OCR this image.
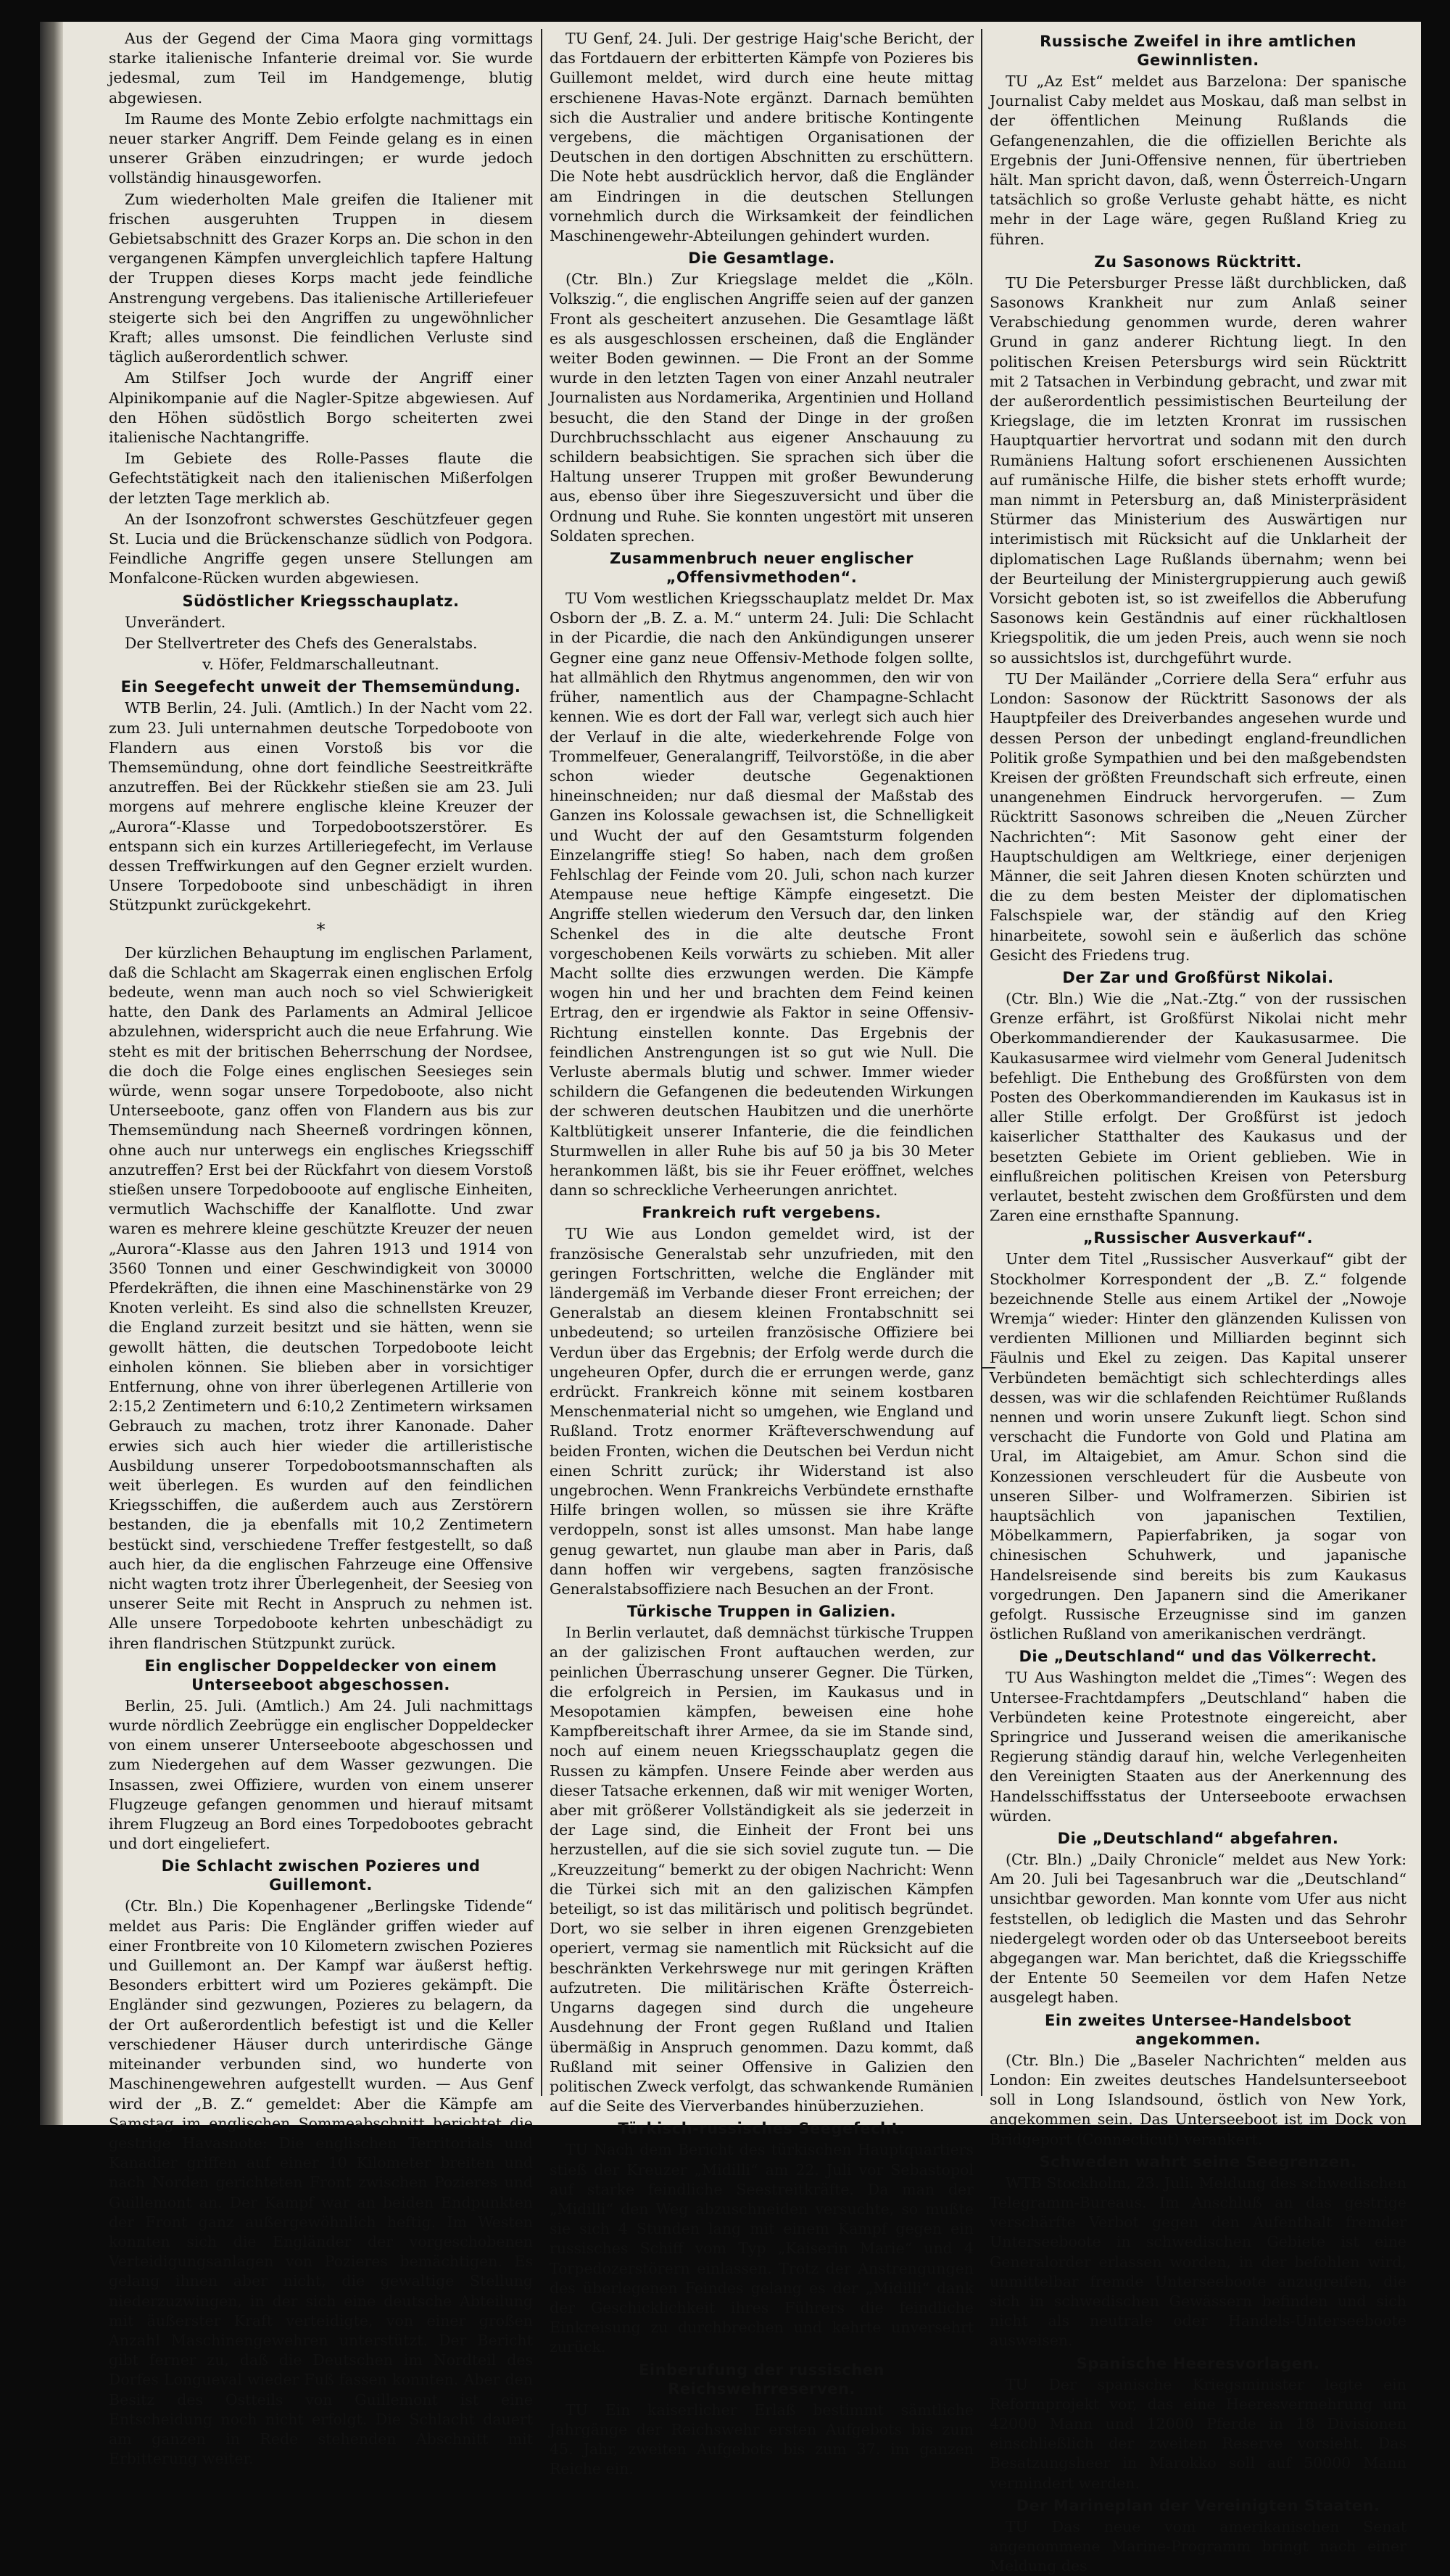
Aus der Gegend der Cima Maora ging vormittags starke italienische Infanterie dreimal vor. Sie wurde jedesmal, zum Teil im Handgemenge, blutig abgewiesen.

Im Raume des Monte Zebio erfolgte nachmittags ein neuer starker Angriff. Dem Feinde gelang es in einen unserer Gräben einzudringen; er wurde jedoch vollständig hinausgeworfen.

Zum wiederholten Male greifen die Italiener mit frischen ausgeruhten Truppen in diesem Gebietsabschnitt des Grazer Korps an. Die schon in den vergangenen Kämpfen unvergleichlich tapfere Haltung der Truppen dieses Korps macht jede feindliche Anstrengung vergebens. Das italienische Artilleriefeuer steigerte sich bei den Angriffen zu ungewöhnlicher Kraft; alles umsonst. Die feindlichen Verluste sind täglich außerordentlich schwer.

Am Stilfser Joch wurde der Angriff einer Alpinikompanie auf die Nagler-Spitze abgewiesen. Auf den Höhen südöstlich Borgo scheiterten zwei italienische Nachtangriffe.

Im Gebiete des Rolle-Passes flaute die Gefechtstätigkeit nach den italienischen Mißerfolgen der letzten Tage merklich ab.

An der Isonzofront schwerstes Geschützfeuer gegen St. Lucia und die Brückenschanze südlich von Podgora. Feindliche Angriffe gegen unsere Stellungen am Monfalcone-Rücken wurden abgewiesen.

Südöstlicher Kriegsschauplatz.

Unverändert.

Der Stellvertreter des Chefs des Generalstabs.

v. Höfer, Feldmarschalleutnant.

Ein Seegefecht unweit der Themsemündung.

WTB Berlin, 24. Juli. (Amtlich.) In der Nacht vom 22. zum 23. Juli unternahmen deutsche Torpedoboote von Flandern aus einen Vorstoß bis vor die Themsemündung, ohne dort feindliche Seestreitkräfte anzutreffen. Bei der Rückkehr stießen sie am 23. Juli morgens auf mehrere englische kleine Kreuzer der „Aurora“-Klasse und Torpedobootszerstörer. Es entspann sich ein kurzes Artilleriegefecht, im Verlause dessen Treffwirkungen auf den Gegner erzielt wurden. Unsere Torpedoboote sind unbeschädigt in ihren Stützpunkt zurückgekehrt.

*

Der kürzlichen Behauptung im englischen Parlament, daß die Schlacht am Skagerrak einen englischen Erfolg bedeute, wenn man auch noch so viel Schwierigkeit hatte, den Dank des Parlaments an Admiral Jellicoe abzulehnen, widerspricht auch die neue Erfahrung. Wie steht es mit der britischen Beherrschung der Nordsee, die doch die Folge eines englischen Seesieges sein würde, wenn sogar unsere Torpedoboote, also nicht Unterseeboote, ganz offen von Flandern aus bis zur Themsemündung nach Sheerneß vordringen können, ohne auch nur unterwegs ein englisches Kriegsschiff anzutreffen? Erst bei der Rückfahrt von diesem Vorstoß stießen unsere Torpedobooote auf englische Einheiten, vermutlich Wachschiffe der Kanalflotte. Und zwar waren es mehrere kleine geschützte Kreuzer der neuen „Aurora“-Klasse aus den Jahren 1913 und 1914 von 3560 Tonnen und einer Geschwindigkeit von 30000 Pferdekräften, die ihnen eine Maschinenstärke von 29 Knoten verleiht. Es sind also die schnellsten Kreuzer, die England zurzeit besitzt und sie hätten, wenn sie gewollt hätten, die deutschen Torpedoboote leicht einholen können. Sie blieben aber in vorsichtiger Entfernung, ohne von ihrer überlegenen Artillerie von 2:15,2 Zentimetern und 6:10,2 Zentimetern wirksamen Gebrauch zu machen, trotz ihrer Kanonade. Daher erwies sich auch hier wieder die artilleristische Ausbildung unserer Torpedobootsmannschaften als weit überlegen. Es wurden auf den feindlichen Kriegsschiffen, die außerdem auch aus Zerstörern bestanden, die ja ebenfalls mit 10,2 Zentimetern bestückt sind, verschiedene Treffer festgestellt, so daß auch hier, da die englischen Fahrzeuge eine Offensive nicht wagten trotz ihrer Überlegenheit, der Seesieg von unserer Seite mit Recht in Anspruch zu nehmen ist. Alle unsere Torpedoboote kehrten unbeschädigt zu ihren flandrischen Stützpunkt zurück.

Ein englischer Doppeldecker von einem Unterseeboot abgeschossen.

Berlin, 25. Juli. (Amtlich.) Am 24. Juli nachmittags wurde nördlich Zeebrügge ein englischer Doppeldecker von einem unserer Unterseeboote abgeschossen und zum Niedergehen auf dem Wasser gezwungen. Die Insassen, zwei Offiziere, wurden von einem unserer Flugzeuge gefangen genommen und hierauf mitsamt ihrem Flugzeug an Bord eines Torpedobootes gebracht und dort eingeliefert.

Die Schlacht zwischen Pozieres und Guillemont.

(Ctr. Bln.) Die Kopenhagener „Berlingske Tidende“ meldet aus Paris: Die Engländer griffen wieder auf einer Frontbreite von 10 Kilometern zwischen Pozieres und Guillemont an. Der Kampf war äußerst heftig. Besonders erbittert wird um Pozieres gekämpft. Die Engländer sind gezwungen, Pozieres zu belagern, da der Ort außerordentlich befestigt ist und die Keller verschiedener Häuser durch unterirdische Gänge miteinander verbunden sind, wo hunderte von Maschinengewehren aufgestellt wurden. — Aus Genf wird der „B. Z.“ gemeldet: Aber die Kämpfe am Samstag im englischen Sommeabschnitt berichtet die gestrige Havasnote: Die englischen Territorials und Kanadier griffen auf einer 10 Kilometer breiten und nach Norden gerichteten Front zwischen Pozieres und Guillemont an. Der Kampf war an beiden Endpunkten der Front ganz außergewöhnlich heftig. Im Westen konnten sich die Engländer der vorgeschobenen Verteidigungsanlagen von Pozieres bemächtigen. Es gelang ihnen aber nicht, die gewaltige Stellung niederzuzwingen, in der sich eine deutsche Abteilung mit äußerster Kraft verteidigte, von einer großen Anzahl Maschinengewehren unterstützt. Der Bericht gibt ferner zu, daß die Deutschen im Nordteil des Dorfes Longueval wieder Fuß fassen konnten. Aber den Besitz des Ostteils von Guillemont ist eine Entscheidung noch nicht erfolgt. Die Schlacht dauert am ganzen in Rede stehenden Abschnitt mit Erbitterung weiter.

TU Genf, 24. Juli. Der gestrige Haig'sche Bericht, der das Fortdauern der erbitterten Kämpfe von Pozieres bis Guillemont meldet, wird durch eine heute mittag erschienene Havas-Note ergänzt. Darnach bemühten sich die Australier und andere britische Kontingente vergebens, die mächtigen Organisationen der Deutschen in den dortigen Abschnitten zu erschüttern. Die Note hebt ausdrücklich hervor, daß die Engländer am Eindringen in die deutschen Stellungen vornehmlich durch die Wirksamkeit der feindlichen Maschinengewehr-Abteilungen gehindert wurden.

Die Gesamtlage.

(Ctr. Bln.) Zur Kriegslage meldet die „Köln. Volkszig.“, die englischen Angriffe seien auf der ganzen Front als gescheitert anzusehen. Die Gesamtlage läßt es als ausgeschlossen erscheinen, daß die Engländer weiter Boden gewinnen. — Die Front an der Somme wurde in den letzten Tagen von einer Anzahl neutraler Journalisten aus Nordamerika, Argentinien und Holland besucht, die den Stand der Dinge in der großen Durchbruchsschlacht aus eigener Anschauung zu schildern beabsichtigen. Sie sprachen sich über die Haltung unserer Truppen mit großer Bewunderung aus, ebenso über ihre Siegeszuversicht und über die Ordnung und Ruhe. Sie konnten ungestört mit unseren Soldaten sprechen.

Zusammenbruch neuer englischer „Offensivmethoden“.

TU Vom westlichen Kriegsschauplatz meldet Dr. Max Osborn der „B. Z. a. M.“ unterm 24. Juli: Die Schlacht in der Picardie, die nach den Ankündigungen unserer Gegner eine ganz neue Offensiv-Methode folgen sollte, hat allmählich den Rhytmus angenommen, den wir von früher, namentlich aus der Champagne-Schlacht kennen. Wie es dort der Fall war, verlegt sich auch hier der Verlauf in die alte, wiederkehrende Folge von Trommelfeuer, Generalangriff, Teilvorstöße, in die aber schon wieder deutsche Gegenaktionen hineinschneiden; nur daß diesmal der Maßstab des Ganzen ins Kolossale gewachsen ist, die Schnelligkeit und Wucht der auf den Gesamtsturm folgenden Einzelangriffe stieg! So haben, nach dem großen Fehlschlag der Feinde vom 20. Juli, schon nach kurzer Atempause neue heftige Kämpfe eingesetzt. Die Angriffe stellen wiederum den Versuch dar, den linken Schenkel des in die alte deutsche Front vorgeschobenen Keils vorwärts zu schieben. Mit aller Macht sollte dies erzwungen werden. Die Kämpfe wogen hin und her und brachten dem Feind keinen Ertrag, den er irgendwie als Faktor in seine Offensiv-Richtung einstellen konnte. Das Ergebnis der feindlichen Anstrengungen ist so gut wie Null. Die Verluste abermals blutig und schwer. Immer wieder schildern die Gefangenen die bedeutenden Wirkungen der schweren deutschen Haubitzen und die unerhörte Kaltblütigkeit unserer Infanterie, die die feindlichen Sturmwellen in aller Ruhe bis auf 50 ja bis 30 Meter herankommen läßt, bis sie ihr Feuer eröffnet, welches dann so schreckliche Verheerungen anrichtet.

Frankreich ruft vergebens.

TU Wie aus London gemeldet wird, ist der französische Generalstab sehr unzufrieden, mit den geringen Fortschritten, welche die Engländer mit ländergemäß im Verbande dieser Front erreichen; der Generalstab an diesem kleinen Frontabschnitt sei unbedeutend; so urteilen französische Offiziere bei Verdun über das Ergebnis; der Erfolg werde durch die ungeheuren Opfer, durch die er errungen werde, ganz erdrückt. Frankreich könne mit seinem kostbaren Menschenmaterial nicht so umgehen, wie England und Rußland. Trotz enormer Kräfteverschwendung auf beiden Fronten, wichen die Deutschen bei Verdun nicht einen Schritt zurück; ihr Widerstand ist also ungebrochen. Wenn Frankreichs Verbündete ernsthafte Hilfe bringen wollen, so müssen sie ihre Kräfte verdoppeln, sonst ist alles umsonst. Man habe lange genug gewartet, nun glaube man aber in Paris, daß dann hoffen wir vergebens, sagten französische Generalstabsoffiziere nach Besuchen an der Front.

Türkische Truppen in Galizien.

In Berlin verlautet, daß demnächst türkische Truppen an der galizischen Front auftauchen werden, zur peinlichen Überraschung unserer Gegner. Die Türken, die erfolgreich in Persien, im Kaukasus und in Mesopotamien kämpfen, beweisen eine hohe Kampfbereitschaft ihrer Armee, da sie im Stande sind, noch auf einem neuen Kriegsschauplatz gegen die Russen zu kämpfen. Unsere Feinde aber werden aus dieser Tatsache erkennen, daß wir mit weniger Worten, aber mit größerer Vollständigkeit als sie jederzeit in der Lage sind, die Einheit der Front bei uns herzustellen, auf die sie sich soviel zugute tun. — Die „Kreuzzeitung“ bemerkt zu der obigen Nachricht: Wenn die Türkei sich mit an den galizischen Kämpfen beteiligt, so ist das militärisch und politisch begründet. Dort, wo sie selber in ihren eigenen Grenzgebieten operiert, vermag sie namentlich mit Rücksicht auf die beschränkten Verkehrswege nur mit geringen Kräften aufzutreten. Die militärischen Kräfte Österreich-Ungarns dagegen sind durch die ungeheure Ausdehnung der Front gegen Rußland und Italien übermäßig in Anspruch genommen. Dazu kommt, daß Rußland mit seiner Offensive in Galizien den politischen Zweck verfolgt, das schwankende Rumänien auf die Seite des Vierverbandes hinüberzuziehen.

Türkisch-russisches Seegefecht.

TU Nach dem Bericht des türkischen Hauptquartiers stieß der Kreuzer „Midilli“ am 22. Juli vor Sebastopol auf starke feindliche Seestreitkräfte. Da man der „Midilli“ den Weg abzuschneiden versuchte, so mußte sie sich 4 Stunden lang mit einem Kampf gegen ein russisches Schiff vom Typ „Kaiserin Marie“ und 4 Torpedozerstörern einlassen. Trotz der Anstrengungen des überlegenen Feindes gelang es der „Midilli“ dank der Geschicklichkeit ihres Führers die feindliche Einkreisung zu durchbrechen und kehrte unversehrt zurück.

Einberufung der russischen Reichswehrreserven.

TU Ein kaiserlicher Erlaß bestimmt sämtliche Jahrgänge der Reichswehr ersten Aufgebots bis zum 45. Jahr, zweiten Aufgebots bis zum 37. im ganzen Reiche ein.

Russische Zweifel in ihre amtlichen Gewinnlisten.

TU „Az Est“ meldet aus Barzelona: Der spanische Journalist Caby meldet aus Moskau, daß man selbst in der öffentlichen Meinung Rußlands die Gefangenenzahlen, die die offiziellen Berichte als Ergebnis der Juni-Offensive nennen, für übertrieben hält. Man spricht davon, daß, wenn Österreich-Ungarn tatsächlich so große Verluste gehabt hätte, es nicht mehr in der Lage wäre, gegen Rußland Krieg zu führen.

Zu Sasonows Rücktritt.

TU Die Petersburger Presse läßt durchblicken, daß Sasonows Krankheit nur zum Anlaß seiner Verabschiedung genommen wurde, deren wahrer Grund in ganz anderer Richtung liegt. In den politischen Kreisen Petersburgs wird sein Rücktritt mit 2 Tatsachen in Verbindung gebracht, und zwar mit der außerordentlich pessimistischen Beurteilung der Kriegslage, die im letzten Kronrat im russischen Hauptquartier hervortrat und sodann mit den durch Rumäniens Haltung sofort erschienenen Aussichten auf rumänische Hilfe, die bisher stets erhofft wurde; man nimmt in Petersburg an, daß Ministerpräsident Stürmer das Ministerium des Auswärtigen nur interimistisch mit Rücksicht auf die Unklarheit der diplomatischen Lage Rußlands übernahm; wenn bei der Beurteilung der Ministergruppierung auch gewiß Vorsicht geboten ist, so ist zweifellos die Abberufung Sasonows kein Geständnis auf einer rückhaltlosen Kriegspolitik, die um jeden Preis, auch wenn sie noch so aussichtslos ist, durchgeführt wurde.

TU Der Mailänder „Corriere della Sera“ erfuhr aus London: Sasonow der Rücktritt Sasonows der als Hauptpfeiler des Dreiverbandes angesehen wurde und dessen Person der unbedingt england-freundlichen Politik große Sympathien und bei den maßgebendsten Kreisen der größten Freundschaft sich erfreute, einen unangenehmen Eindruck hervorgerufen. — Zum Rücktritt Sasonows schreiben die „Neuen Zürcher Nachrichten“: Mit Sasonow geht einer der Hauptschuldigen am Weltkriege, einer derjenigen Männer, die seit Jahren diesen Knoten schürzten und die zu dem besten Meister der diplomatischen Falschspiele war, der ständig auf den Krieg hinarbeitete, sowohl sein e äußerlich das schöne Gesicht des Friedens trug.

Der Zar und Großfürst Nikolai.

(Ctr. Bln.) Wie die „Nat.-Ztg.“ von der russischen Grenze erfährt, ist Großfürst Nikolai nicht mehr Oberkommandierender der Kaukasusarmee. Die Kaukasusarmee wird vielmehr vom General Judenitsch befehligt. Die Enthebung des Großfürsten von dem Posten des Oberkommandierenden im Kaukasus ist in aller Stille erfolgt. Der Großfürst ist jedoch kaiserlicher Statthalter des Kaukasus und der besetzten Gebiete im Orient geblieben. Wie in einflußreichen politischen Kreisen von Petersburg verlautet, besteht zwischen dem Großfürsten und dem Zaren eine ernsthafte Spannung.

„Russischer Ausverkauf“.

Unter dem Titel „Russischer Ausverkauf“ gibt der Stockholmer Korrespondent der „B. Z.“ folgende bezeichnende Stelle aus einem Artikel der „Nowoje Wremja“ wieder: Hinter den glänzenden Kulissen von verdienten Millionen und Milliarden beginnt sich Fäulnis und Ekel zu zeigen. Das Kapital unserer Verbündeten bemächtigt sich schlechterdings alles dessen, was wir die schlafenden Reichtümer Rußlands nennen und worin unsere Zukunft liegt. Schon sind verschacht die Fundorte von Gold und Platina am Ural, im Altaigebiet, am Amur. Schon sind die Konzessionen verschleudert für die Ausbeute von unseren Silber- und Wolframerzen. Sibirien ist hauptsächlich von japanischen Textilien, Möbelkammern, Papierfabriken, ja sogar von chinesischen Schuhwerk, und japanische Handelsreisende sind bereits bis zum Kaukasus vorgedrungen. Den Japanern sind die Amerikaner gefolgt. Russische Erzeugnisse sind im ganzen östlichen Rußland von amerikanischen verdrängt.

Die „Deutschland“ und das Völkerrecht.

TU Aus Washington meldet die „Times“: Wegen des Untersee-Frachtdampfers „Deutschland“ haben die Verbündeten keine Protestnote eingereicht, aber Springrice und Jusserand weisen die amerikanische Regierung ständig darauf hin, welche Verlegenheiten den Vereinigten Staaten aus der Anerkennung des Handelsschiffsstatus der Unterseeboote erwachsen würden.

Die „Deutschland“ abgefahren.

(Ctr. Bln.) „Daily Chronicle“ meldet aus New York: Am 20. Juli bei Tagesanbruch war die „Deutschland“ unsichtbar geworden. Man konnte vom Ufer aus nicht feststellen, ob lediglich die Masten und das Sehrohr niedergelegt worden oder ob das Unterseeboot bereits abgegangen war. Man berichtet, daß die Kriegsschiffe der Entente 50 Seemeilen vor dem Hafen Netze ausgelegt haben.

Ein zweites Untersee-Handelsboot angekommen.

(Ctr. Bln.) Die „Baseler Nachrichten“ melden aus London: Ein zweites deutsches Handelsunterseeboot soll in Long Islandsound, östlich von New York, angekommen sein. Das Unterseeboot ist im Dock von Bridgeport (Connecticut) verankert.

Schweden wahrt seine Seegrenzen.

WTB Stockholm, 23. Juli. Meldung des schwedischen Telegramm-Bureaus. Im Anschluß an das gestrige verschärfte Verbot gegen den Aufenthalt fremder Unterseeboote in schwedischen Gebiete ist eine Generalorder erlassen worden, in der befohlen wird, unmittelbar fremde Unterseeboote anzugreifen, die sich in schwedischen Gewässern befinden und sich nicht als neutrale oder Handels-Unterseeboote ausweisen.

Spanische Heeresvorlagen.

TU Der spanische Kriegsminister legte ein Reformprojekt vor, das eine Heeresvermehrung um 42000 Mann und 12000 Pferde in 18 Divisionen einschließlich der zweiten Reserve vorsieht. Das Besatzungsheer in Marokko soll auf 50000 Mann vermindert werden.

Der Marineplan der Vereinigten Staaten.

TU Das neue vom amerikanischen Senat angenommene Marine-Programm bringt nach einer Meldung des
